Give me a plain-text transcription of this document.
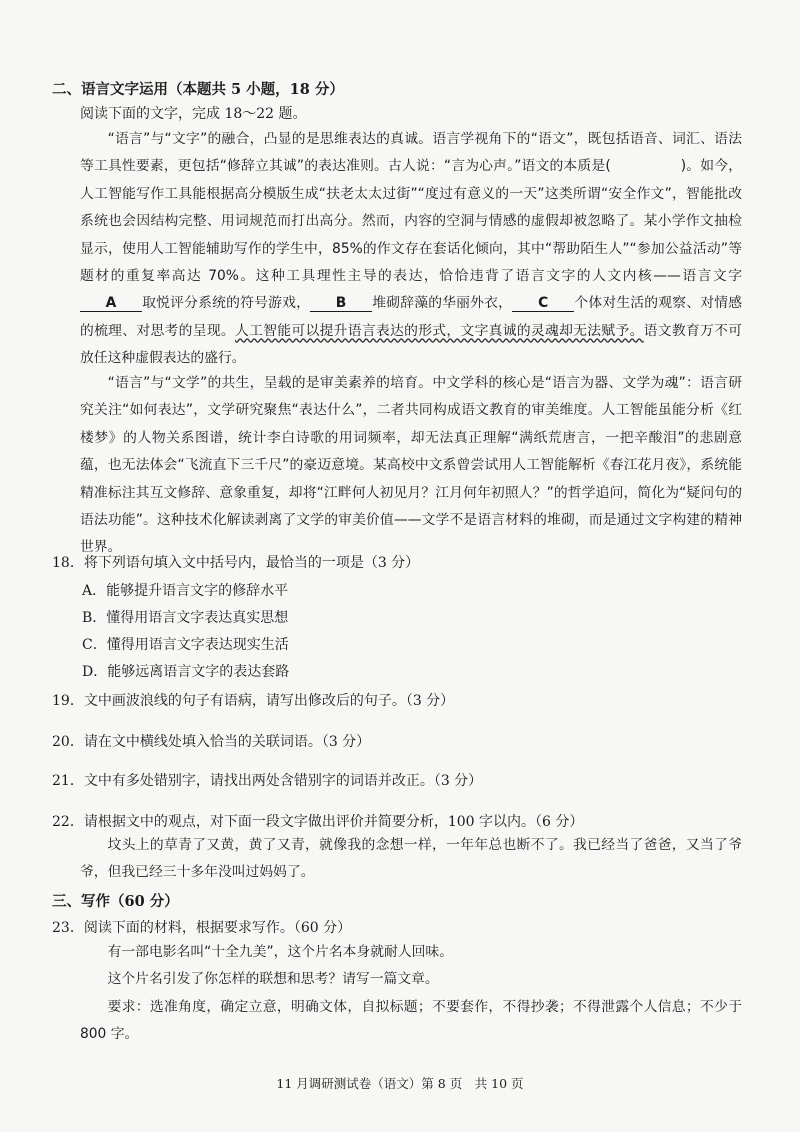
二、语言文字运用（本题共 5 小题，18 分）
阅读下面的文字，完成 18～22 题。

“语言”与“文字”的融合，凸显的是思维表达的真诚。语言学视角下的“语文”，既包括语音、词汇、语法等工具性要素，更包括“修辞立其诚”的表达准则。古人说：“言为心声。”语文的本质是(	)。如今，人工智能写作工具能根据高分模版生成“扶老太太过街”“度过有意义的一天”这类所谓“安全作文”，智能批改系统也会因结构完整、用词规范而打出高分。然而，内容的空洞与情感的虚假却被忽略了。某小学作文抽检显示，使用人工智能辅助写作的学生中，85%的作文存在套话化倾向，其中“帮助陌生人”“参加公益活动”等题材的重复率高达 70%。这种工具理性主导的表达，恰恰违背了语言文字的人文内核——语言文字A 取悦评分系统的符号游戏， B 堆砌辞藻的华丽外衣， C 个体对生活的观察、对情感的梳理、对思考的呈现。人工智能可以提升语言表达的形式，文字真诚的灵魂却无法赋予。语文教育万不可放任这种虚假表达的盛行。

“语言”与“文学”的共生，呈载的是审美素养的培育。中文学科的核心是“语言为器、文学为魂”：语言研究关注“如何表达”，文学研究聚焦“表达什么”，二者共同构成语文教育的审美维度。人工智能虽能分析《红楼梦》的人物关系图谱，统计李白诗歌的用词频率，却无法真正理解“满纸荒唐言，一把辛酸泪”的悲剧意蕴，也无法体会“飞流直下三千尺”的豪迈意境。某高校中文系曾尝试用人工智能解析《春江花月夜》，系统能精准标注其互文修辞、意象重复，却将“江畔何人初见月？江月何年初照人？”的哲学追问，简化为“疑问句的语法功能”。这种技术化解读剥离了文学的审美价值——文学不是语言材料的堆砌，而是通过文字构建的精神世界。

18．将下列语句填入文中括号内，最恰当的一项是（3 分）
A．能够提升语言文字的修辞水平
B．懂得用语言文字表达真实思想
C．懂得用语言文字表达现实生活
D．能够远离语言文字的表达套路
19．文中画波浪线的句子有语病，请写出修改后的句子。（3 分）
20．请在文中横线处填入恰当的关联词语。（3 分）
21．文中有多处错别字，请找出两处含错别字的词语并改正。（3 分）
22．请根据文中的观点，对下面一段文字做出评价并简要分析，100 字以内。（6 分）

坟头上的草青了又黄，黄了又青，就像我的念想一样，一年年总也断不了。我已经当了爸爸，又当了爷爷，但我已经三十多年没叫过妈妈了。

三、写作（60 分）
23．阅读下面的材料，根据要求写作。（60 分）

有一部电影名叫“十全九美”，这个片名本身就耐人回味。

这个片名引发了你怎样的联想和思考？请写一篇文章。

要求：选准角度，确定立意，明确文体，自拟标题；不要套作，不得抄袭；不得泄露个人信息；不少于 800 字。

11 月调研测试卷（语文）第 8 页　共 10 页
